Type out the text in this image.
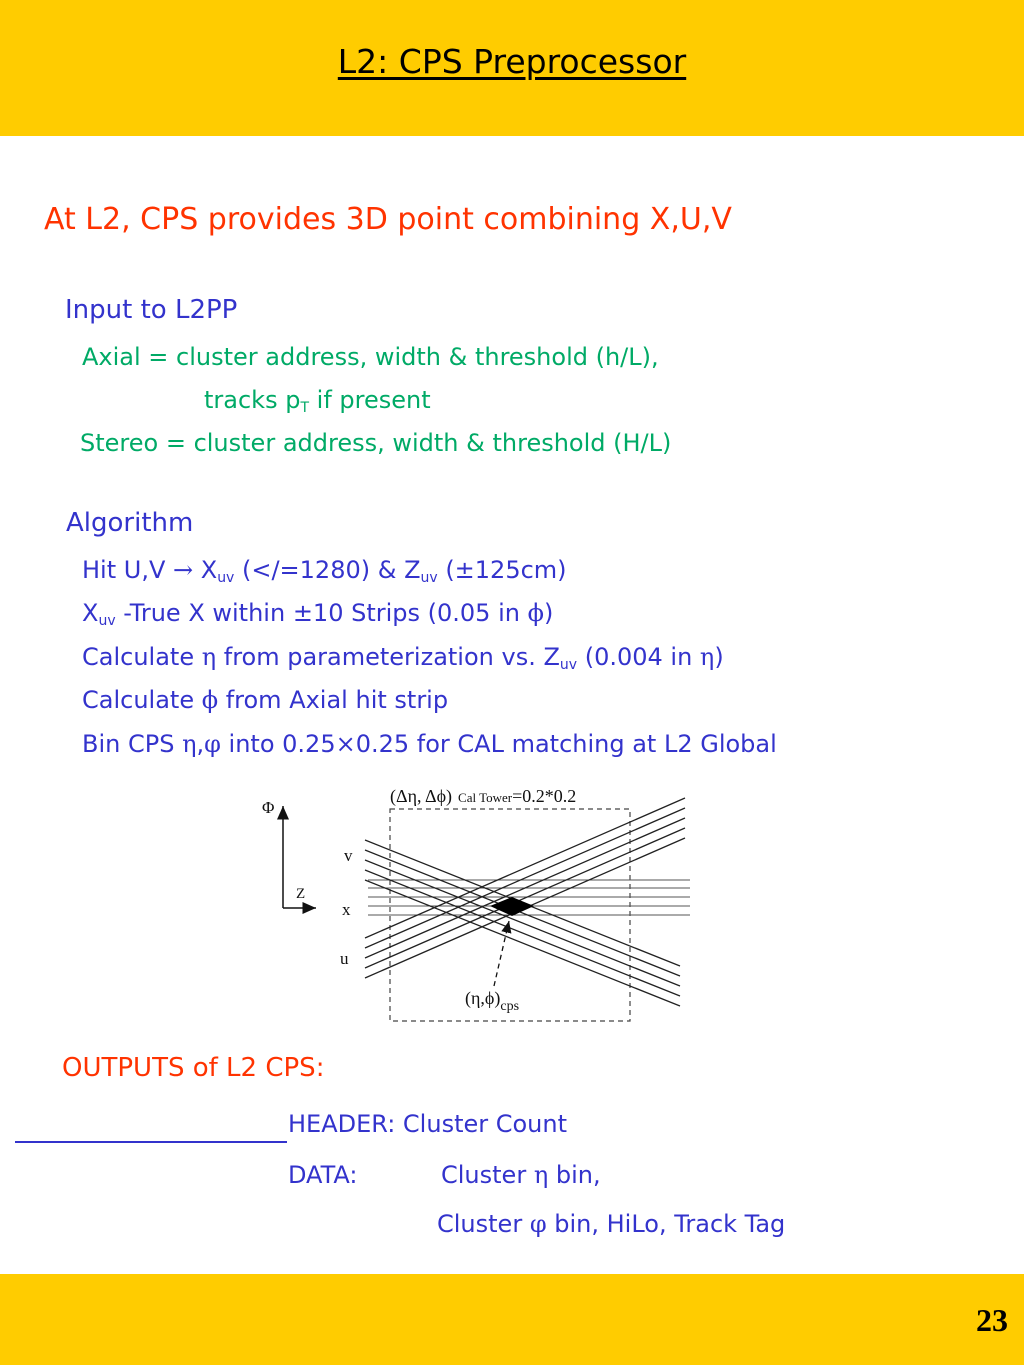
L2: CPS Preprocessor
At L2, CPS provides 3D point combining X,U,V
Input to L2PP
Axial = cluster address, width & threshold (h/L),
tracks $p_T$ if present
Stereo = cluster address, width & threshold (H/L)
Algorithm
Hit $U,V \to X_{uv}$ (</=1280) & $Z_{uv}$ (±125cm)
$X_{uv}$ -True X within ±10 Strips (0.05 in ϕ)
Calculate η from parameterization vs. $Z_{uv}$ (0.004 in η)
Calculate ϕ from Axial hit strip
Bin CPS η,φ into 0.25×0.25 for CAL matching at L2 Global
Φ
Z
(Δη, Δϕ) Cal Tower=0.2*0.2
v
x
u
$(\eta,\phi)_{cps}$
OUTPUTS of L2 CPS:
HEADER: Cluster Count
DATA:	Cluster η bin,
Cluster φ bin, HiLo, Track Tag
23
